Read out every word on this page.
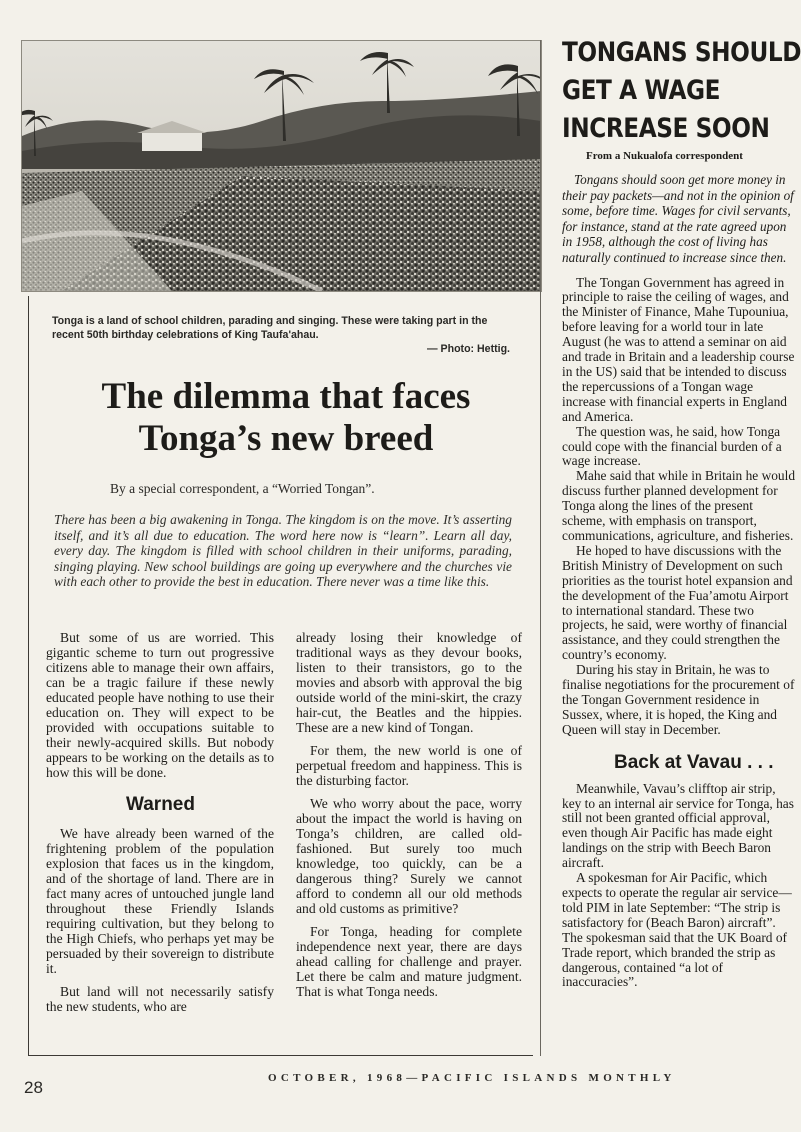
Tonga is a land of school children, parading and singing. These were taking part in the recent 50th birthday celebrations of King Taufa'ahau.
— Photo: Hettig.
The dilemma that faces
Tonga’s new breed
By a special correspondent, a “Worried Tongan”.
There has been a big awakening in Tonga. The kingdom is on the move. It’s asserting itself, and it’s all due to education. The word here now is “learn”. Learn all day, every day. The kingdom is filled with school children in their uniforms, parading, singing playing. New school buildings are going up everywhere and the churches vie with each other to provide the best in education. There never was a time like this.

But some of us are worried. This gigantic scheme to turn out progressive citizens able to manage their own affairs, can be a tragic failure if these newly educated people have nothing to use their education on. They will expect to be provided with occupations suitable to their newly-acquired skills. But nobody appears to be working on the details as to how this will be done.

Warned

We have already been warned of the frightening problem of the population explosion that faces us in the kingdom, and of the shortage of land. There are in fact many acres of untouched jungle land throughout these Friendly Islands requiring cultivation, but they belong to the High Chiefs, who perhaps yet may be persuaded by their sovereign to distribute it.

But land will not necessarily satisfy the new students, who are

already losing their knowledge of traditional ways as they devour books, listen to their transistors, go to the movies and absorb with approval the big outside world of the mini-skirt, the crazy hair-cut, the Beatles and the hippies. These are a new kind of Tongan.

For them, the new world is one of perpetual freedom and happiness. This is the disturbing factor.

We who worry about the pace, worry about the impact the world is having on Tonga’s children, are called old-fashioned. But surely too much knowledge, too quickly, can be a dangerous thing? Surely we cannot afford to condemn all our old methods and old customs as primitive?

For Tonga, heading for complete independence next year, there are days ahead calling for challenge and prayer. Let there be calm and mature judgment. That is what Tonga needs.

TONGANS SHOULD
GET A WAGE
INCREASE SOON
From a Nukualofa correspondent
Tongans should soon get more money in their pay packets—and not in the opinion of some, before time. Wages for civil servants, for instance, stand at the rate agreed upon in 1958, although the cost of living has naturally continued to increase since then.

The Tongan Government has agreed in principle to raise the ceiling of wages, and the Minister of Finance, Mahe Tupouniua, before leaving for a world tour in late August (he was to attend a seminar on aid and trade in Britain and a leadership course in the US) said that be intended to discuss the repercussions of a Tongan wage increase with financial experts in England and America.

The question was, he said, how Tonga could cope with the financial burden of a wage increase.

Mahe said that while in Britain he would discuss further planned development for Tonga along the lines of the present scheme, with emphasis on transport, communications, agriculture, and fisheries.

He hoped to have discussions with the British Ministry of Development on such priorities as the tourist hotel expansion and the development of the Fua’amotu Airport to international standard. These two projects, he said, were worthy of financial assistance, and they could strengthen the country’s economy.

During his stay in Britain, he was to finalise negotiations for the procurement of the Tongan Government residence in Sussex, where, it is hoped, the King and Queen will stay in December.

Back at Vavau . . .

Meanwhile, Vavau’s clifftop air strip, key to an internal air service for Tonga, has still not been granted official approval, even though Air Pacific has made eight landings on the strip with Beech Baron aircraft.

A spokesman for Air Pacific, which expects to operate the regular air service—told PIM in late September: “The strip is satisfactory for (Beach Baron) aircraft”. The spokesman said that the UK Board of Trade report, which branded the strip as dangerous, contained “a lot of inaccuracies”.

28	OCTOBER, 1968—PACIFIC ISLANDS MONTHLY
